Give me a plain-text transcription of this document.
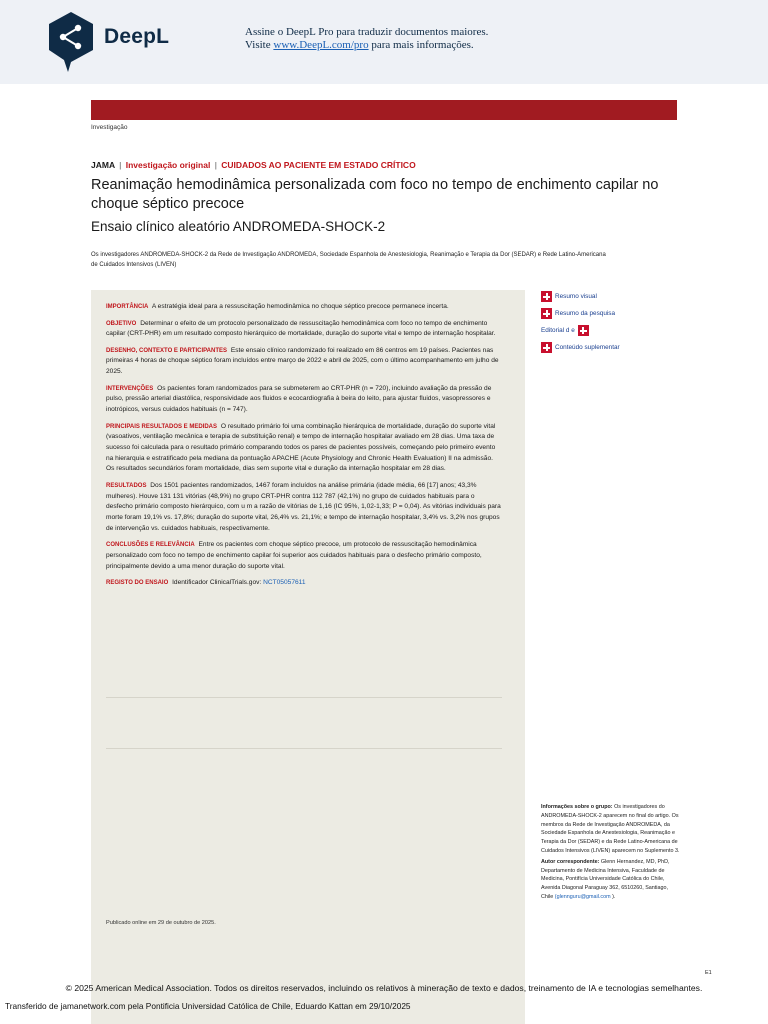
DeepL	Assine o DeepL Pro para traduzir documentos maiores.
Visite www.DeepL.com/pro para mais informações.
Investigação
JAMA | Investigação original | CUIDADOS AO PACIENTE EM ESTADO CRÍTICO
Reanimação hemodinâmica personalizada com foco no tempo de enchimento capilar no choque séptico precoce
Ensaio clínico aleatório ANDROMEDA-SHOCK-2
Os investigadores ANDROMEDA-SHOCK-2 da Rede de Investigação ANDROMEDA, Sociedade Espanhola de Anestesiologia, Reanimação e Terapia da Dor (SEDAR) e Rede Latino-Americana de Cuidados Intensivos (LIVEN)

IMPORTÂNCIA A estratégia ideal para a ressuscitação hemodinâmica no choque séptico precoce permanece incerta.

OBJETIVO Determinar o efeito de um protocolo personalizado de ressuscitação hemodinâmica com foco no tempo de enchimento capilar (CRT-PHR) em um resultado composto hierárquico de mortalidade, duração do suporte vital e tempo de internação hospitalar.

DESENHO, CONTEXTO E PARTICIPANTES Este ensaio clínico randomizado foi realizado em 86 centros em 19 países. Pacientes nas primeiras 4 horas de choque séptico foram incluídos entre março de 2022 e abril de 2025, com o último acompanhamento em julho de 2025.

INTERVENÇÕES Os pacientes foram randomizados para se submeterem ao CRT-PHR (n = 720), incluindo avaliação da pressão de pulso, pressão arterial diastólica, responsividade aos fluidos e ecocardiografia à beira do leito, para ajustar fluidos, vasopressores e inotrópicos, versus cuidados habituais (n = 747).

PRINCIPAIS RESULTADOS E MEDIDAS O resultado primário foi uma combinação hierárquica de mortalidade, duração do suporte vital (vasoativos, ventilação mecânica e terapia de substituição renal) e tempo de internação hospitalar avaliado em 28 dias. Uma taxa de sucesso foi calculada para o resultado primário comparando todos os pares de pacientes possíveis, começando pelo primeiro evento na hierarquia e estratificado pela mediana da pontuação APACHE (Acute Physiology and Chronic Health Evaluation) II na admissão. Os resultados secundários foram mortalidade, dias sem suporte vital e duração da internação hospitalar em 28 dias.

RESULTADOS Dos 1501 pacientes randomizados, 1467 foram incluídos na análise primária (idade média, 66 [17] anos; 43,3% mulheres). Houve 131 131 vitórias (48,9%) no grupo CRT-PHR contra 112 787 (42,1%) no grupo de cuidados habituais para o desfecho primário composto hierárquico, com u m a razão de vitórias de 1,16 (IC 95%, 1,02-1,33; P = 0,04). As vitórias individuais para morte foram 19,1% vs. 17,8%; duração do suporte vital, 26,4% vs. 21,1%; e tempo de internação hospitalar, 3,4% vs. 3,2% nos grupos de intervenção vs. cuidados habituais, respectivamente.

CONCLUSÕES E RELEVÂNCIA Entre os pacientes com choque séptico precoce, um protocolo de ressuscitação hemodinâmica personalizado com foco no tempo de enchimento capilar foi superior aos cuidados habituais para o desfecho primário composto, principalmente devido a uma menor duração do suporte vital.

REGISTO DO ENSAIO Identificador ClinicalTrials.gov: NCT05057611

Publicado online em 29 de outubro de 2025.
Resumo visual
Resumo da pesquisa
Editorial d e
Conteúdo suplementar
Informações sobre o grupo: Os investigadores do ANDROMEDA-SHOCK-2 aparecem no final do artigo. Os membros da Rede de Investigação ANDROMEDA, da Sociedade Espanhola de Anestesiologia, Reanimação e Terapia da Dor (SEDAR) e da Rede Latino-Americana de Cuidados Intensivos (LIVEN) aparecem no Suplemento 3.
Autor correspondente: Glenn Hernandez, MD, PhD, Departamento de Medicina Intensiva, Faculdade de Medicina, Pontifícia Universidade Católica do Chile, Avenida Diagonal Paraguay 362, 6510260, Santiago, Chile (glennguru@gmail.com ).
E1
© 2025 American Medical Association. Todos os direitos reservados, incluindo os relativos à mineração de texto e dados, treinamento de IA e tecnologias semelhantes.
Transferido de jamanetwork.com pela Pontificia Universidad Católica de Chile, Eduardo Kattan em 29/10/2025
